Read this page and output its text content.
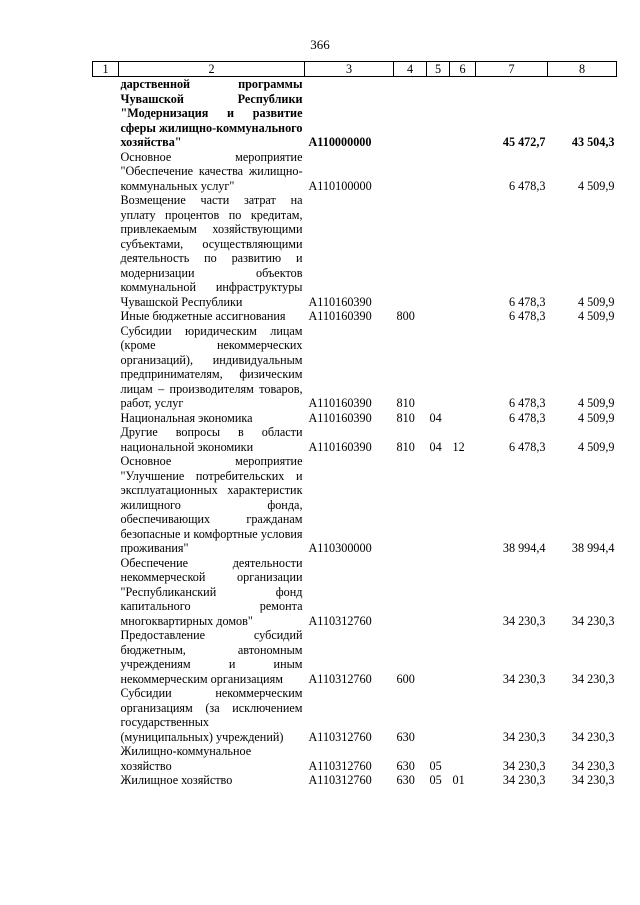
366
1	2	3	4	5	6	7	8
	дарственной программы Чувашской Республики "Модернизация и развитие сферы жилищно-коммунального хозяйства"	А110000000				45 472,7	43 504,3
	Основное мероприятие "Обеспечение качества жилищно-коммунальных услуг"	А110100000				6 478,3	4 509,9
	Возмещение части затрат на уплату процентов по кредитам, привлекаемым хозяйствующими субъектами, осуществляющими деятельность по развитию и модернизации объектов коммунальной инфраструктуры Чувашской Республики	А110160390				6 478,3	4 509,9
	Иные бюджетные ассигнования	А110160390	800			6 478,3	4 509,9
	Субсидии юридическим лицам (кроме некоммерческих организаций), индивидуальным предпринимателям, физическим лицам – производителям товаров, работ, услуг	А110160390	810			6 478,3	4 509,9
	Национальная экономика	А110160390	810	04		6 478,3	4 509,9
	Другие вопросы в области национальной экономики	А110160390	810	04	12	6 478,3	4 509,9
	Основное мероприятие "Улучшение потребительских и эксплуатационных характеристик жилищного фонда, обеспечивающих гражданам безопасные и комфортные условия проживания"	А110300000				38 994,4	38 994,4
	Обеспечение деятельности некоммерческой организации "Республиканский фонд капитального ремонта многоквартирных домов"	А110312760				34 230,3	34 230,3
	Предоставление субсидий бюджетным, автономным учреждениям и иным некоммерческим организациям	А110312760	600			34 230,3	34 230,3
	Субсидии некоммерческим организациям (за исключением государственных (муниципальных) учреждений)	А110312760	630			34 230,3	34 230,3
	Жилищно-коммунальное хозяйство	А110312760	630	05		34 230,3	34 230,3
	Жилищное хозяйство	А110312760	630	05	01	34 230,3	34 230,3
